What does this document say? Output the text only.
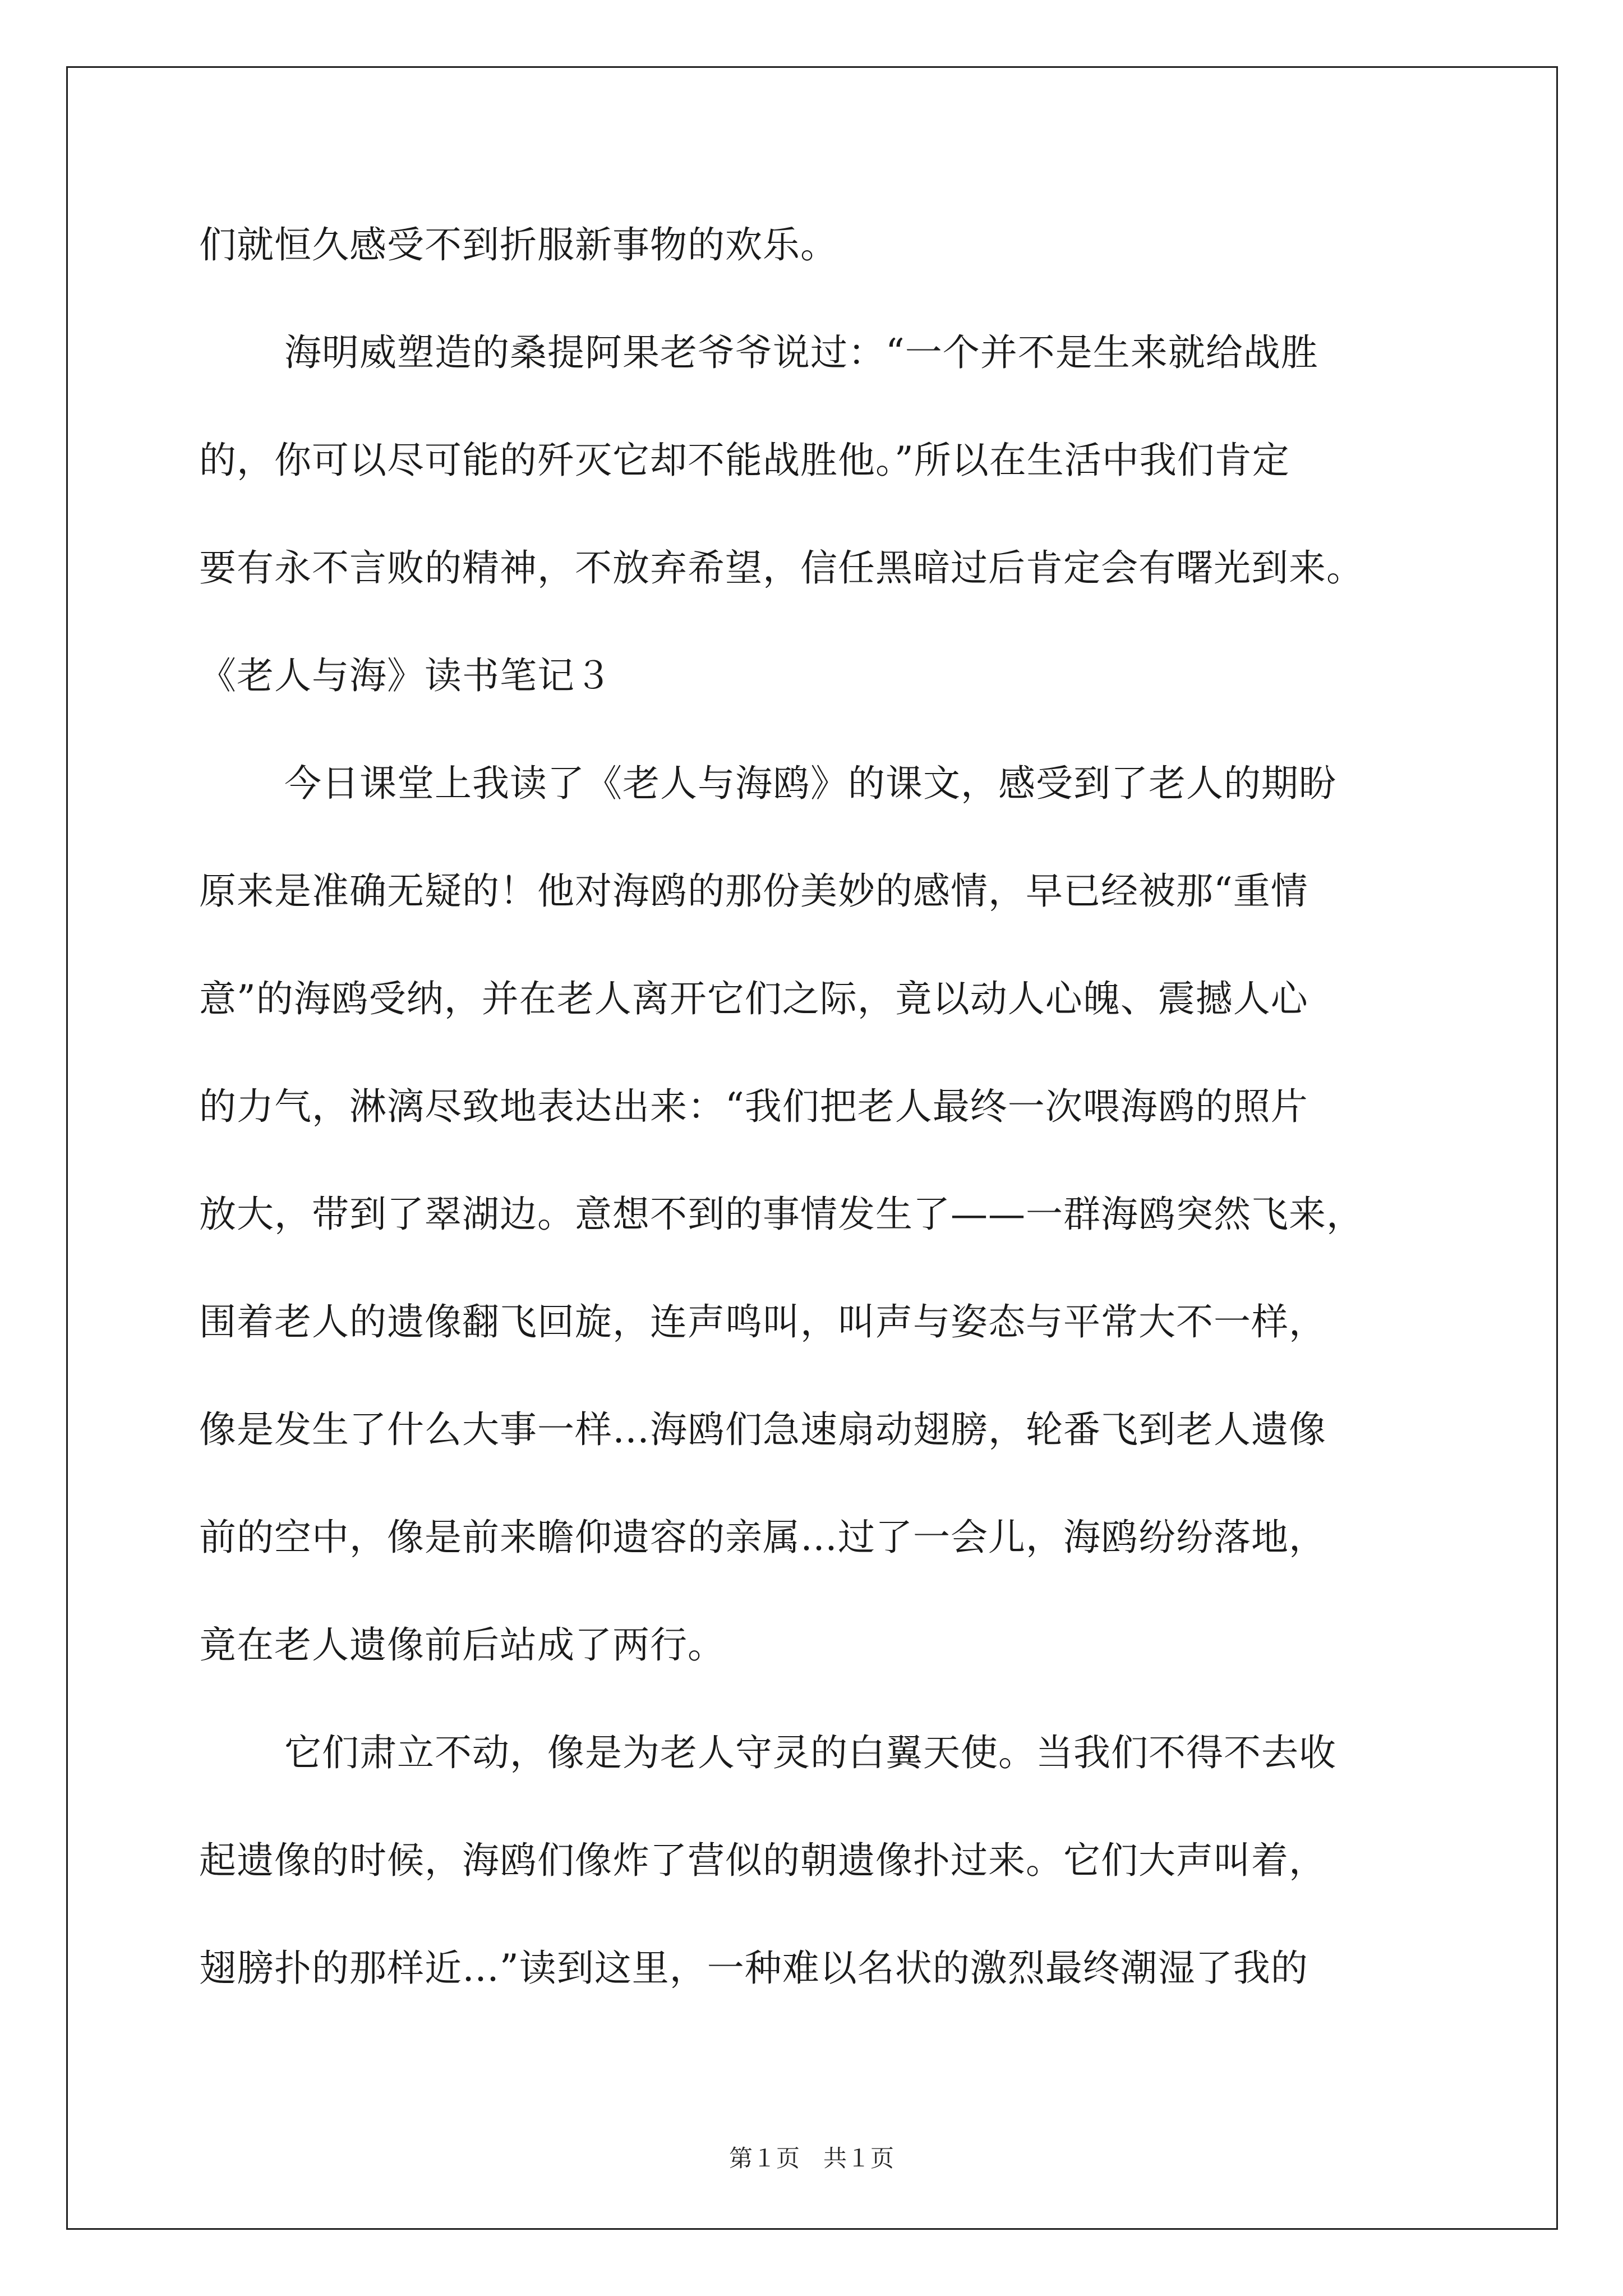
们就恒久感受不到折服新事物的欢乐。
海明威塑造的桑提阿果老爷爷说过：“一个并不是生来就给战胜
的，你可以尽可能的歼灭它却不能战胜他。”所以在生活中我们肯定
要有永不言败的精神，不放弃希望，信任黑暗过后肯定会有曙光到来。
《老人与海》读书笔记３
今日课堂上我读了《老人与海鸥》的课文，感受到了老人的期盼
原来是准确无疑的！他对海鸥的那份美妙的感情，早已经被那“重情
意”的海鸥受纳，并在老人离开它们之际，竟以动人心魄、震撼人心
的力气，淋漓尽致地表达出来：“我们把老人最终一次喂海鸥的照片
放大，带到了翠湖边。意想不到的事情发生了——一群海鸥突然飞来，
围着老人的遗像翻飞回旋，连声鸣叫，叫声与姿态与平常大不一样，
像是发生了什么大事一样…海鸥们急速扇动翅膀，轮番飞到老人遗像
前的空中，像是前来瞻仰遗容的亲属…过了一会儿，海鸥纷纷落地，
竟在老人遗像前后站成了两行。
它们肃立不动，像是为老人守灵的白翼天使。当我们不得不去收
起遗像的时候，海鸥们像炸了营似的朝遗像扑过来。它们大声叫着，
翅膀扑的那样近…”读到这里，一种难以名状的激烈最终潮湿了我的
第１页　共１页
